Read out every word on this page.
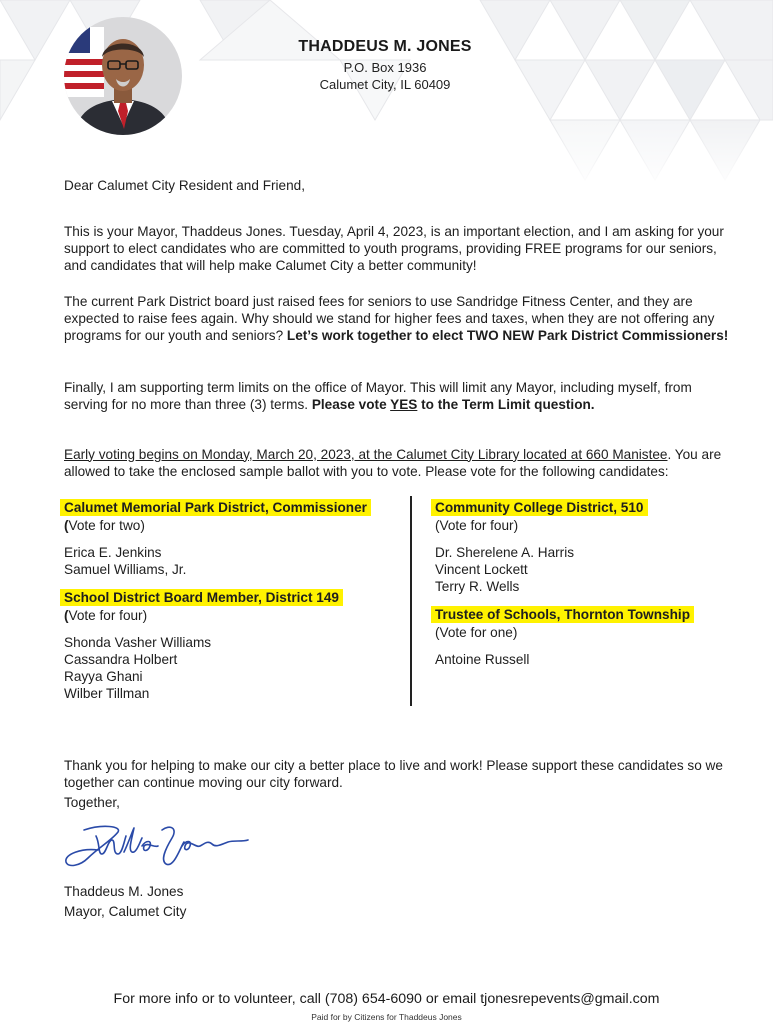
THADDEUS M. JONES
P.O. Box 1936
Calumet City, IL 60409
Dear Calumet City Resident and Friend,

This is your Mayor, Thaddeus Jones. Tuesday, April 4, 2023, is an important election, and I am asking for your support to elect candidates who are committed to youth programs, providing FREE programs for our seniors, and candidates that will help make Calumet City a better community!

The current Park District board just raised fees for seniors to use Sandridge Fitness Center, and they are expected to raise fees again. Why should we stand for higher fees and taxes, when they are not offering any programs for our youth and seniors? Let’s work together to elect TWO NEW Park District Commissioners!

Finally, I am supporting term limits on the office of Mayor. This will limit any Mayor, including myself, from serving for no more than three (3) terms. Please vote YES to the Term Limit question.

Early voting begins on Monday, March 20, 2023, at the Calumet City Library located at 660 Manistee. You are allowed to take the enclosed sample ballot with you to vote. Please vote for the following candidates:

Calumet Memorial Park District, Commissioner
(Vote for two)
Erica E. Jenkins
Samuel Williams, Jr.
School District Board Member, District 149
(Vote for four)
Shonda Vasher Williams
Cassandra Holbert
Rayya Ghani
Wilber Tillman
Community College District, 510
(Vote for four)
Dr. Sherelene A. Harris
Vincent Lockett
Terry R. Wells
Trustee of Schools, Thornton Township
(Vote for one)
Antoine Russell

Thank you for helping to make our city a better place to live and work! Please support these candidates so we together can continue moving our city forward.

Together,
Thaddeus M. Jones
Mayor, Calumet City
For more info or to volunteer, call (708) 654-6090 or email tjonesrepevents@gmail.com
Paid for by Citizens for Thaddeus Jones
